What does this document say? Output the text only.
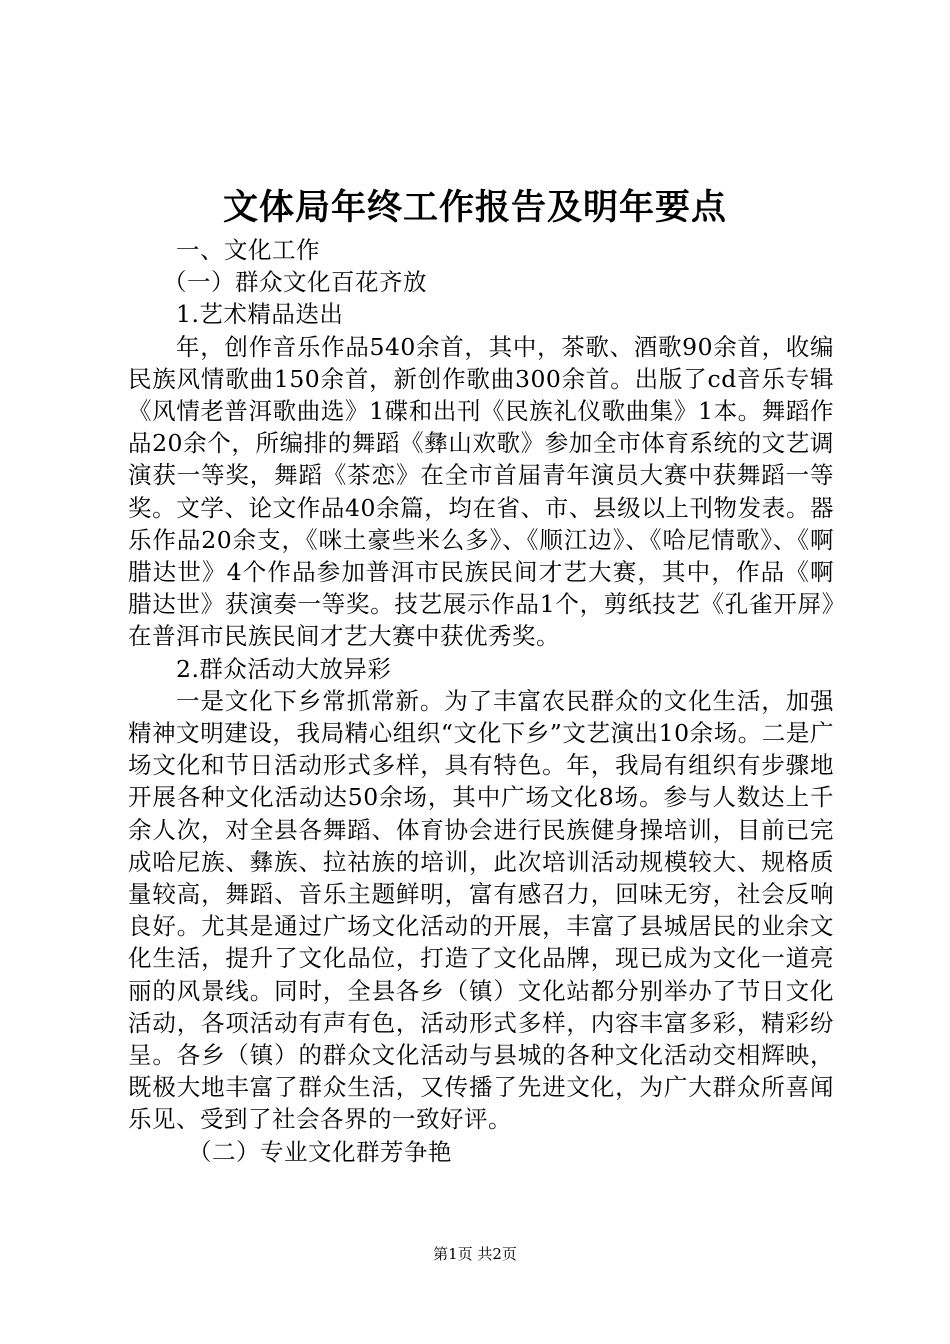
文体局年终工作报告及明年要点

一、文化工作

（一）群众文化百花齐放

1.艺术精品迭出

年，创作音乐作品540余首，其中，茶歌、酒歌90余首，收编民族风情歌曲150余首，新创作歌曲300余首。出版了cd音乐专辑《风情老普洱歌曲选》1碟和出刊《民族礼仪歌曲集》1本。舞蹈作品20余个，所编排的舞蹈《彝山欢歌》参加全市体育系统的文艺调演获一等奖，舞蹈《茶恋》在全市首届青年演员大赛中获舞蹈一等奖。文学、论文作品40余篇，均在省、市、县级以上刊物发表。器乐作品20余支，《咪土豪些米么多》、《顺江边》、《哈尼情歌》、《啊腊达世》4个作品参加普洱市民族民间才艺大赛，其中，作品《啊腊达世》获演奏一等奖。技艺展示作品1个，剪纸技艺《孔雀开屏》在普洱市民族民间才艺大赛中获优秀奖。

2.群众活动大放异彩

一是文化下乡常抓常新。为了丰富农民群众的文化生活，加强精神文明建设，我局精心组织“文化下乡”文艺演出10余场。二是广场文化和节日活动形式多样，具有特色。年，我局有组织有步骤地开展各种文化活动达50余场，其中广场文化8场。参与人数达上千余人次，对全县各舞蹈、体育协会进行民族健身操培训，目前已完成哈尼族、彝族、拉祜族的培训，此次培训活动规模较大、规格质量较高，舞蹈、音乐主题鲜明，富有感召力，回味无穷，社会反响良好。尤其是通过广场文化活动的开展，丰富了县城居民的业余文化生活，提升了文化品位，打造了文化品牌，现已成为文化一道亮丽的风景线。同时，全县各乡（镇）文化站都分别举办了节日文化活动，各项活动有声有色，活动形式多样，内容丰富多彩，精彩纷呈。各乡（镇）的群众文化活动与县城的各种文化活动交相辉映，既极大地丰富了群众生活，又传播了先进文化，为广大群众所喜闻乐见、受到了社会各界的一致好评。

（二）专业文化群芳争艳

第1页 共2页
